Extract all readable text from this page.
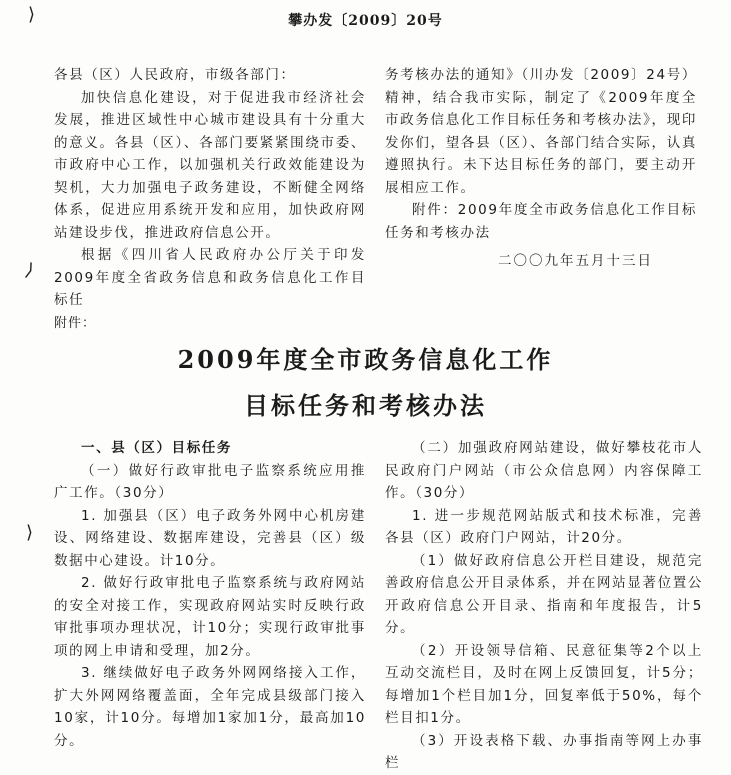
⟩
⟩
⟩
攀办发〔2009〕20号

各县（区）人民政府，市级各部门：

加快信息化建设，对于促进我市经济社会发展，推进区域性中心城市建设具有十分重大的意义。各县（区）、各部门要紧紧围绕市委、市政府中心工作，以加强机关行政效能建设为契机，大力加强电子政务建设，不断健全网络体系，促进应用系统开发和应用，加快政府网站建设步伐，推进政府信息公开。

根据《四川省人民政府办公厅关于印发2009年度全省政务信息和政务信息化工作目标任

务考核办法的通知》（川办发〔2009〕24号）精神，结合我市实际，制定了《2009年度全市政务信息化工作目标任务和考核办法》，现印发你们，望各县（区）、各部门结合实际，认真遵照执行。未下达目标任务的部门，要主动开展相应工作。

附件：2009年度全市政务信息化工作目标任务和考核办法

二〇〇九年五月十三日

附件：
2009年度全市政务信息化工作
目标任务和考核办法

一、县（区）目标任务

（一）做好行政审批电子监察系统应用推广工作。（30分）

1. 加强县（区）电子政务外网中心机房建设、网络建设、数据库建设，完善县（区）级数据中心建设。计10分。

2. 做好行政审批电子监察系统与政府网站的安全对接工作，实现政府网站实时反映行政审批事项办理状况，计10分；实现行政审批事项的网上申请和受理，加2分。

3. 继续做好电子政务外网网络接入工作，扩大外网网络覆盖面，全年完成县级部门接入10家，计10分。每增加1家加1分，最高加10分。

（二）加强政府网站建设，做好攀枝花市人民政府门户网站（市公众信息网）内容保障工作。（30分）

1. 进一步规范网站版式和技术标准，完善各县（区）政府门户网站，计20分。

（1）做好政府信息公开栏目建设，规范完善政府信息公开目录体系，并在网站显著位置公开政府信息公开目录、指南和年度报告，计5分。

（2）开设领导信箱、民意征集等2个以上互动交流栏目，及时在网上反馈回复，计5分；每增加1个栏目加1分，回复率低于50%，每个栏目扣1分。

（3）开设表格下载、办事指南等网上办事栏
